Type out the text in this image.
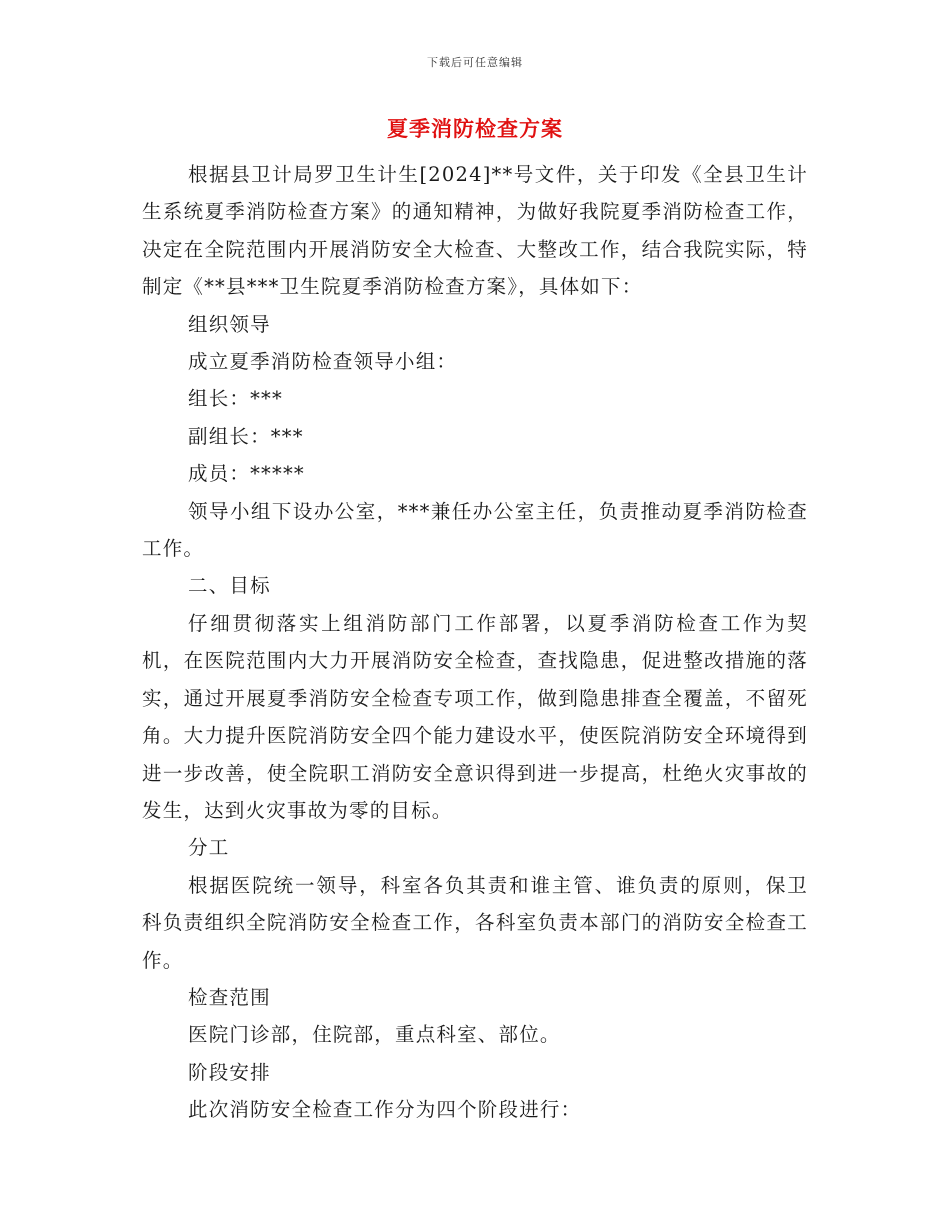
下载后可任意编辑
夏季消防检查方案

根据县卫计局罗卫生计生[2024]**号文件，关于印发《全县卫生计生系统夏季消防检查方案》的通知精神，为做好我院夏季消防检查工作，决定在全院范围内开展消防安全大检查、大整改工作，结合我院实际，特制定《**县***卫生院夏季消防检查方案》，具体如下：

组织领导

成立夏季消防检查领导小组：

组长：***

副组长：***

成员：*****

领导小组下设办公室，***兼任办公室主任，负责推动夏季消防检查工作。

二、目标

仔细贯彻落实上组消防部门工作部署，以夏季消防检查工作为契机，在医院范围内大力开展消防安全检查，查找隐患，促进整改措施的落实，通过开展夏季消防安全检查专项工作，做到隐患排查全覆盖，不留死角。大力提升医院消防安全四个能力建设水平，使医院消防安全环境得到进一步改善，使全院职工消防安全意识得到进一步提高，杜绝火灾事故的发生，达到火灾事故为零的目标。

分工

根据医院统一领导，科室各负其责和谁主管、谁负责的原则，保卫科负责组织全院消防安全检查工作，各科室负责本部门的消防安全检查工作。

检查范围

医院门诊部，住院部，重点科室、部位。

阶段安排

此次消防安全检查工作分为四个阶段进行：
